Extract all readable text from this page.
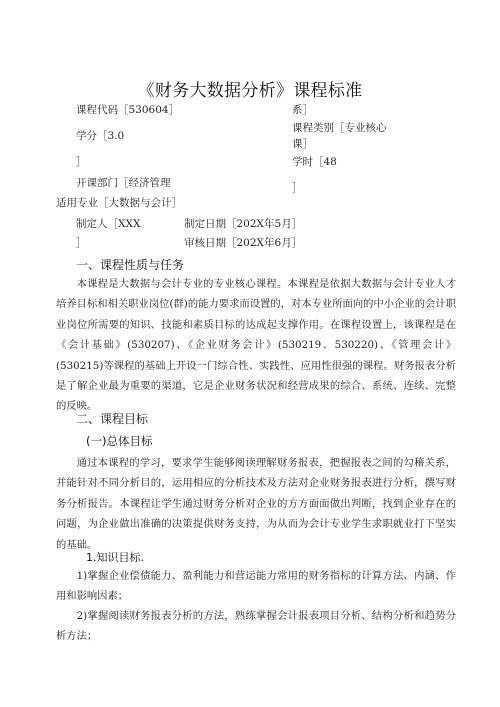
《财务大数据分析》课程标准
课程代码［530604］
学分［3.0
］
开课部门［经济管理
适用专业［大数据与会计］
制定人［XXX
］
制定日期［202X年5月］
审核日期［202X年6月］
系］
课程类别［专业核心
课］
学时［48
］
一、课程性质与任务
本课程是大数据与会计专业的专业核心课程。本课程是依据大数据与会计专业人才培养目标和相关职业岗位(群)的能力要求而设置的，对本专业所面向的中小企业的会计职业岗位所需要的知识、技能和素质目标的达成起支撑作用。在课程设置上，该课程是在《会计基础》(530207)、《企业财务会计》(530219、530220)、《管理会计》(530215)等课程的基础上开设一门综合性、实践性、应用性很强的课程。财务报表分析是了解企业最为重要的渠道，它是企业财务状况和经营成果的综合、系统、连续、完整的反映。
二、课程目标
(一)总体目标
通过本课程的学习，要求学生能够阅读理解财务报表，把握报表之间的勾稽关系，并能针对不同分析目的，运用相应的分析技术及方法对企业财务报表进行分析，撰写财务分析报告。本课程让学生通过财务分析对企业的方方面面做出判断，找到企业存在的问题，为企业做出准确的决策提供财务支持，为从而为会计专业学生求职就业打下坚实的基础。
1.知识目标.
1)掌握企业偿债能力、盈利能力和营运能力常用的财务指标的计算方法、内涵、作用和影响因素；
2)掌握阅读财务报表分析的方法，熟练掌握会计报表项目分析、结构分析和趋势分析方法；
